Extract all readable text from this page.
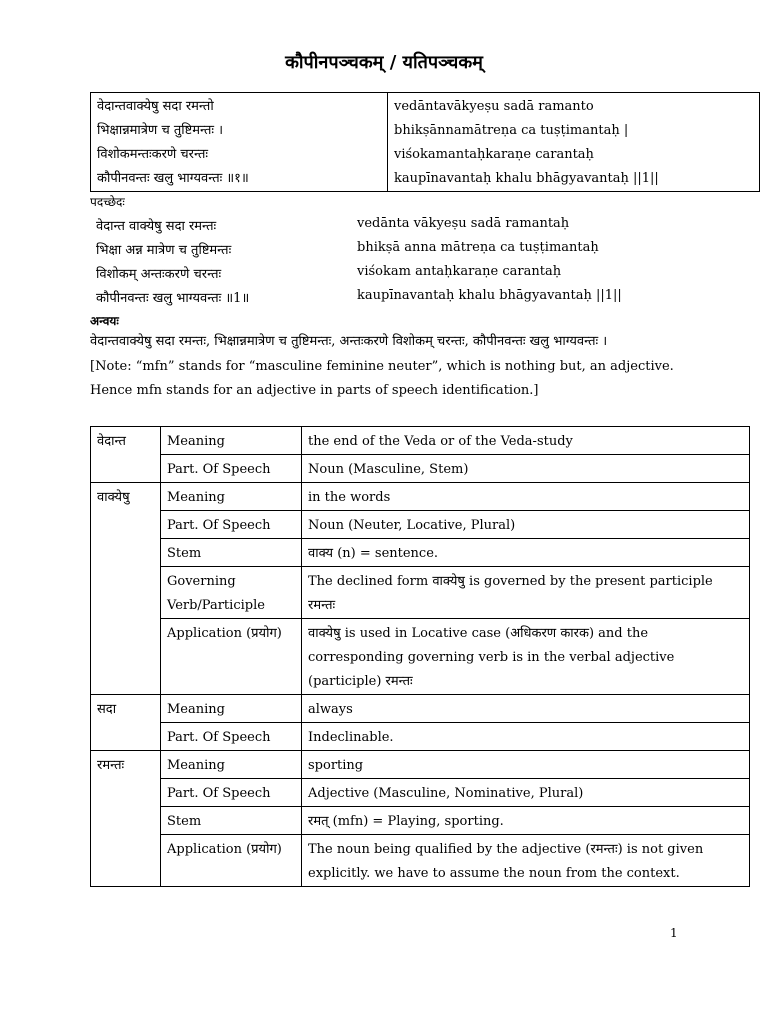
कौपीनपञ्चकम् / यतिपञ्चकम्
वेदान्तवाक्येषु सदा रमन्तो
भिक्षान्नमात्रेण च तुष्टिमन्तः ।
विशोकमन्तःकरणे चरन्तः
कौपीनवन्तः खलु भाग्यवन्तः ॥१॥

vedāntavākyeṣu sadā ramanto
bhikṣānnamātreṇa ca tuṣṭimantaḥ |
viśokamantaḥkaraṇe carantaḥ
kaupīnavantaḥ khalu bhāgyavantaḥ ||1||
पदच्छेदः
वेदान्त वाक्येषु सदा रमन्तः	vedānta vākyeṣu sadā ramantaḥ
भिक्षा अन्न मात्रेण च तुष्टिमन्तः	bhikṣā anna mātreṇa ca tuṣṭimantaḥ
विशोकम् अन्तःकरणे चरन्तः	viśokam antaḥkaraṇe carantaḥ
कौपीनवन्तः खलु भाग्यवन्तः ॥1॥	kaupīnavantaḥ khalu bhāgyavantaḥ ||1||
अन्वयः
वेदान्तवाक्येषु सदा रमन्तः, भिक्षान्नमात्रेण च तुष्टिमन्तः, अन्तःकरणे विशोकम् चरन्तः, कौपीनवन्तः खलु भाग्यवन्तः ।
[Note: “mfn” stands for “masculine feminine neuter”, which is nothing but, an adjective.
Hence mfn stands for an adjective in parts of speech identification.]
वेदान्त	Meaning	the end of the Veda or of the Veda-study
	Part. Of Speech	Noun (Masculine, Stem)
वाक्येषु	Meaning	in the words
	Part. Of Speech	Noun (Neuter, Locative, Plural)
	Stem	वाक्य (n) = sentence.
	Governing Verb/Participle	The declined form वाक्येषु is governed by the present participle रमन्तः
	Application (प्रयोग)	वाक्येषु is used in Locative case (अधिकरण कारक) and the corresponding governing verb is in the verbal adjective (participle) रमन्तः
सदा	Meaning	always
	Part. Of Speech	Indeclinable.
रमन्तः	Meaning	sporting
	Part. Of Speech	Adjective (Masculine, Nominative, Plural)
	Stem	रमत् (mfn) = Playing, sporting.
	Application (प्रयोग)	The noun being qualified by the adjective (रमन्तः) is not given explicitly. we have to assume the noun from the context.
1
